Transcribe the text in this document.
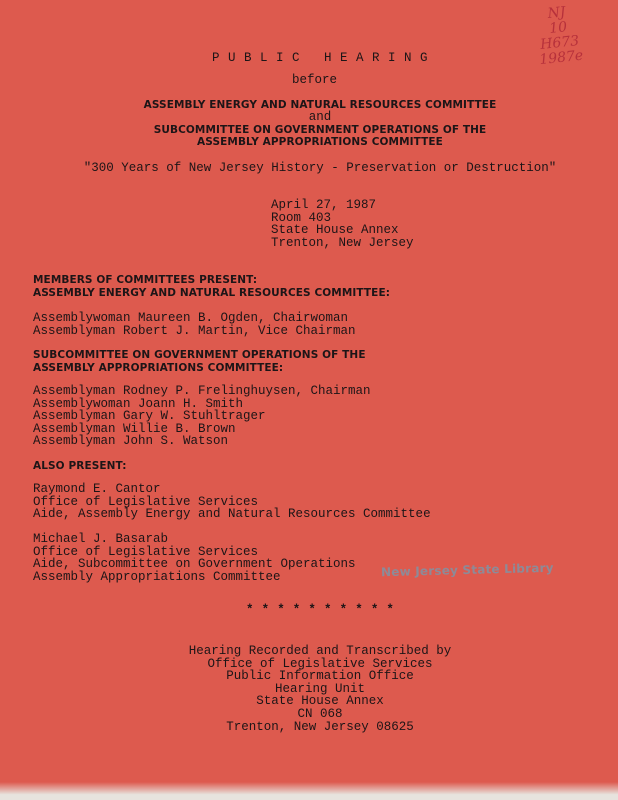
NJ
10
H673
1987e
P U B L I C   H E A R I N G
before
ASSEMBLY ENERGY AND NATURAL RESOURCES COMMITTEE
and
SUBCOMMITTEE ON GOVERNMENT OPERATIONS OF THE
ASSEMBLY APPROPRIATIONS COMMITTEE
"300 Years of New Jersey History - Preservation or Destruction"
April 27, 1987
Room 403
State House Annex
Trenton, New Jersey
MEMBERS OF COMMITTEES PRESENT:
ASSEMBLY ENERGY AND NATURAL RESOURCES COMMITTEE:
Assemblywoman Maureen B. Ogden, Chairwoman
Assemblyman Robert J. Martin, Vice Chairman
SUBCOMMITTEE ON GOVERNMENT OPERATIONS OF THE
ASSEMBLY APPROPRIATIONS COMMITTEE:
Assemblyman Rodney P. Frelinghuysen, Chairman
Assemblywoman Joann H. Smith
Assemblyman Gary W. Stuhltrager
Assemblyman Willie B. Brown
Assemblyman John S. Watson
ALSO PRESENT:
Raymond E. Cantor
Office of Legislative Services
Aide, Assembly Energy and Natural Resources Committee
Michael J. Basarab
Office of Legislative Services
Aide, Subcommittee on Government Operations
Assembly Appropriations Committee	New Jersey State Library
* * * * * * * * * *
Hearing Recorded and Transcribed by
Office of Legislative Services
Public Information Office
Hearing Unit
State House Annex
CN 068
Trenton, New Jersey 08625
